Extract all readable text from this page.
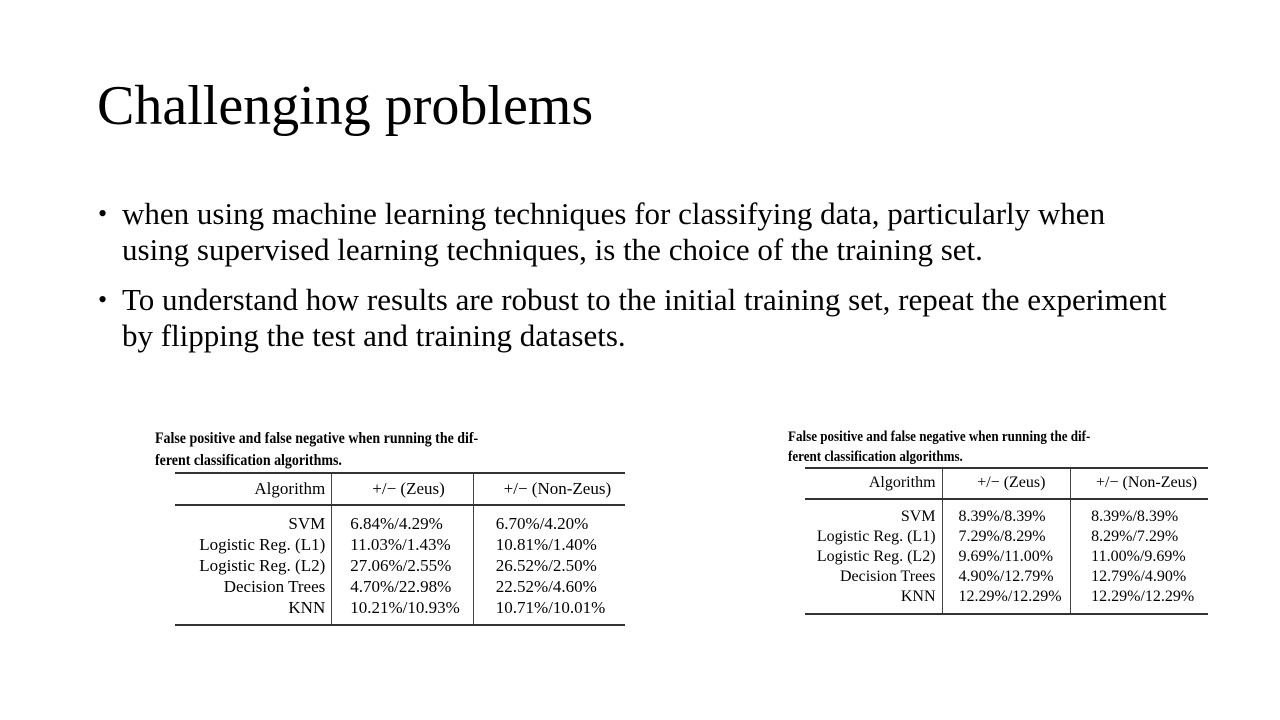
Challenging problems
• when using machine learning techniques for classifying data, particularly when using supervised learning techniques, is the choice of the training set.
• To understand how results are robust to the initial training set, repeat the experiment by flipping the test and training datasets.
False positive and false negative when running the dif-
ferent classification algorithms.
Algorithm	+/− (Zeus)	+/− (Non-Zeus)
SVM	6.84%/4.29%	6.70%/4.20%
Logistic Reg. (L1)	11.03%/1.43%	10.81%/1.40%
Logistic Reg. (L2)	27.06%/2.55%	26.52%/2.50%
Decision Trees	4.70%/22.98%	22.52%/4.60%
KNN	10.21%/10.93%	10.71%/10.01%
False positive and false negative when running the dif-
ferent classification algorithms.
Algorithm	+/− (Zeus)	+/− (Non-Zeus)
SVM	8.39%/8.39%	8.39%/8.39%
Logistic Reg. (L1)	7.29%/8.29%	8.29%/7.29%
Logistic Reg. (L2)	9.69%/11.00%	11.00%/9.69%
Decision Trees	4.90%/12.79%	12.79%/4.90%
KNN	12.29%/12.29%	12.29%/12.29%
